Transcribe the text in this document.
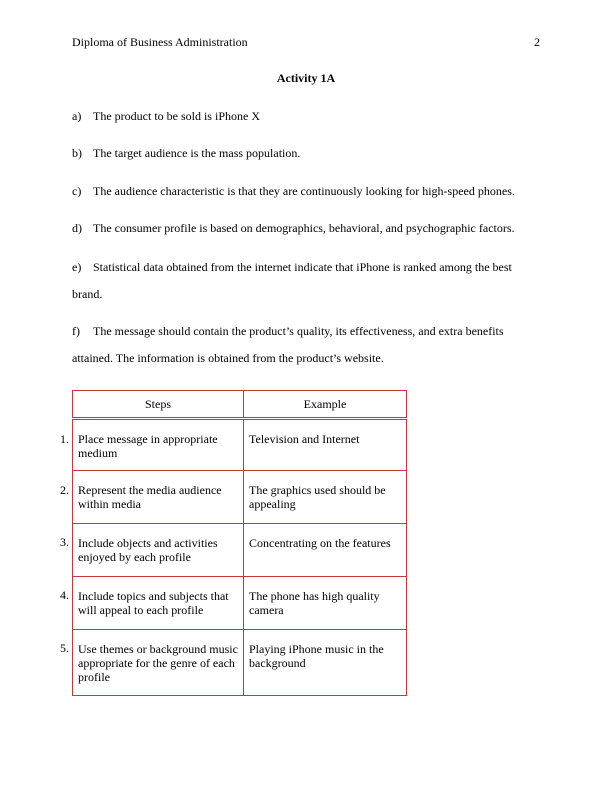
Diploma of Business Administration	2
Activity 1A
a) The product to be sold is iPhone X
b) The target audience is the mass population.
c) The audience characteristic is that they are continuously looking for high-speed phones.
d) The consumer profile is based on demographics, behavioral, and psychographic factors.
e) Statistical data obtained from the internet indicate that iPhone is ranked among the best brand.
f) The message should contain the product’s quality, its effectiveness, and extra benefits attained. The information is obtained from the product’s website.
1.
2.
3.
4.
5.
Steps	Example
Place message in appropriate medium	Television and Internet
Represent the media audience within media	The graphics used should be appealing
Include objects and activities enjoyed by each profile	Concentrating on the features
Include topics and subjects that will appeal to each profile	The phone has high quality camera
Use themes or background music appropriate for the genre of each profile	Playing iPhone music in the background
